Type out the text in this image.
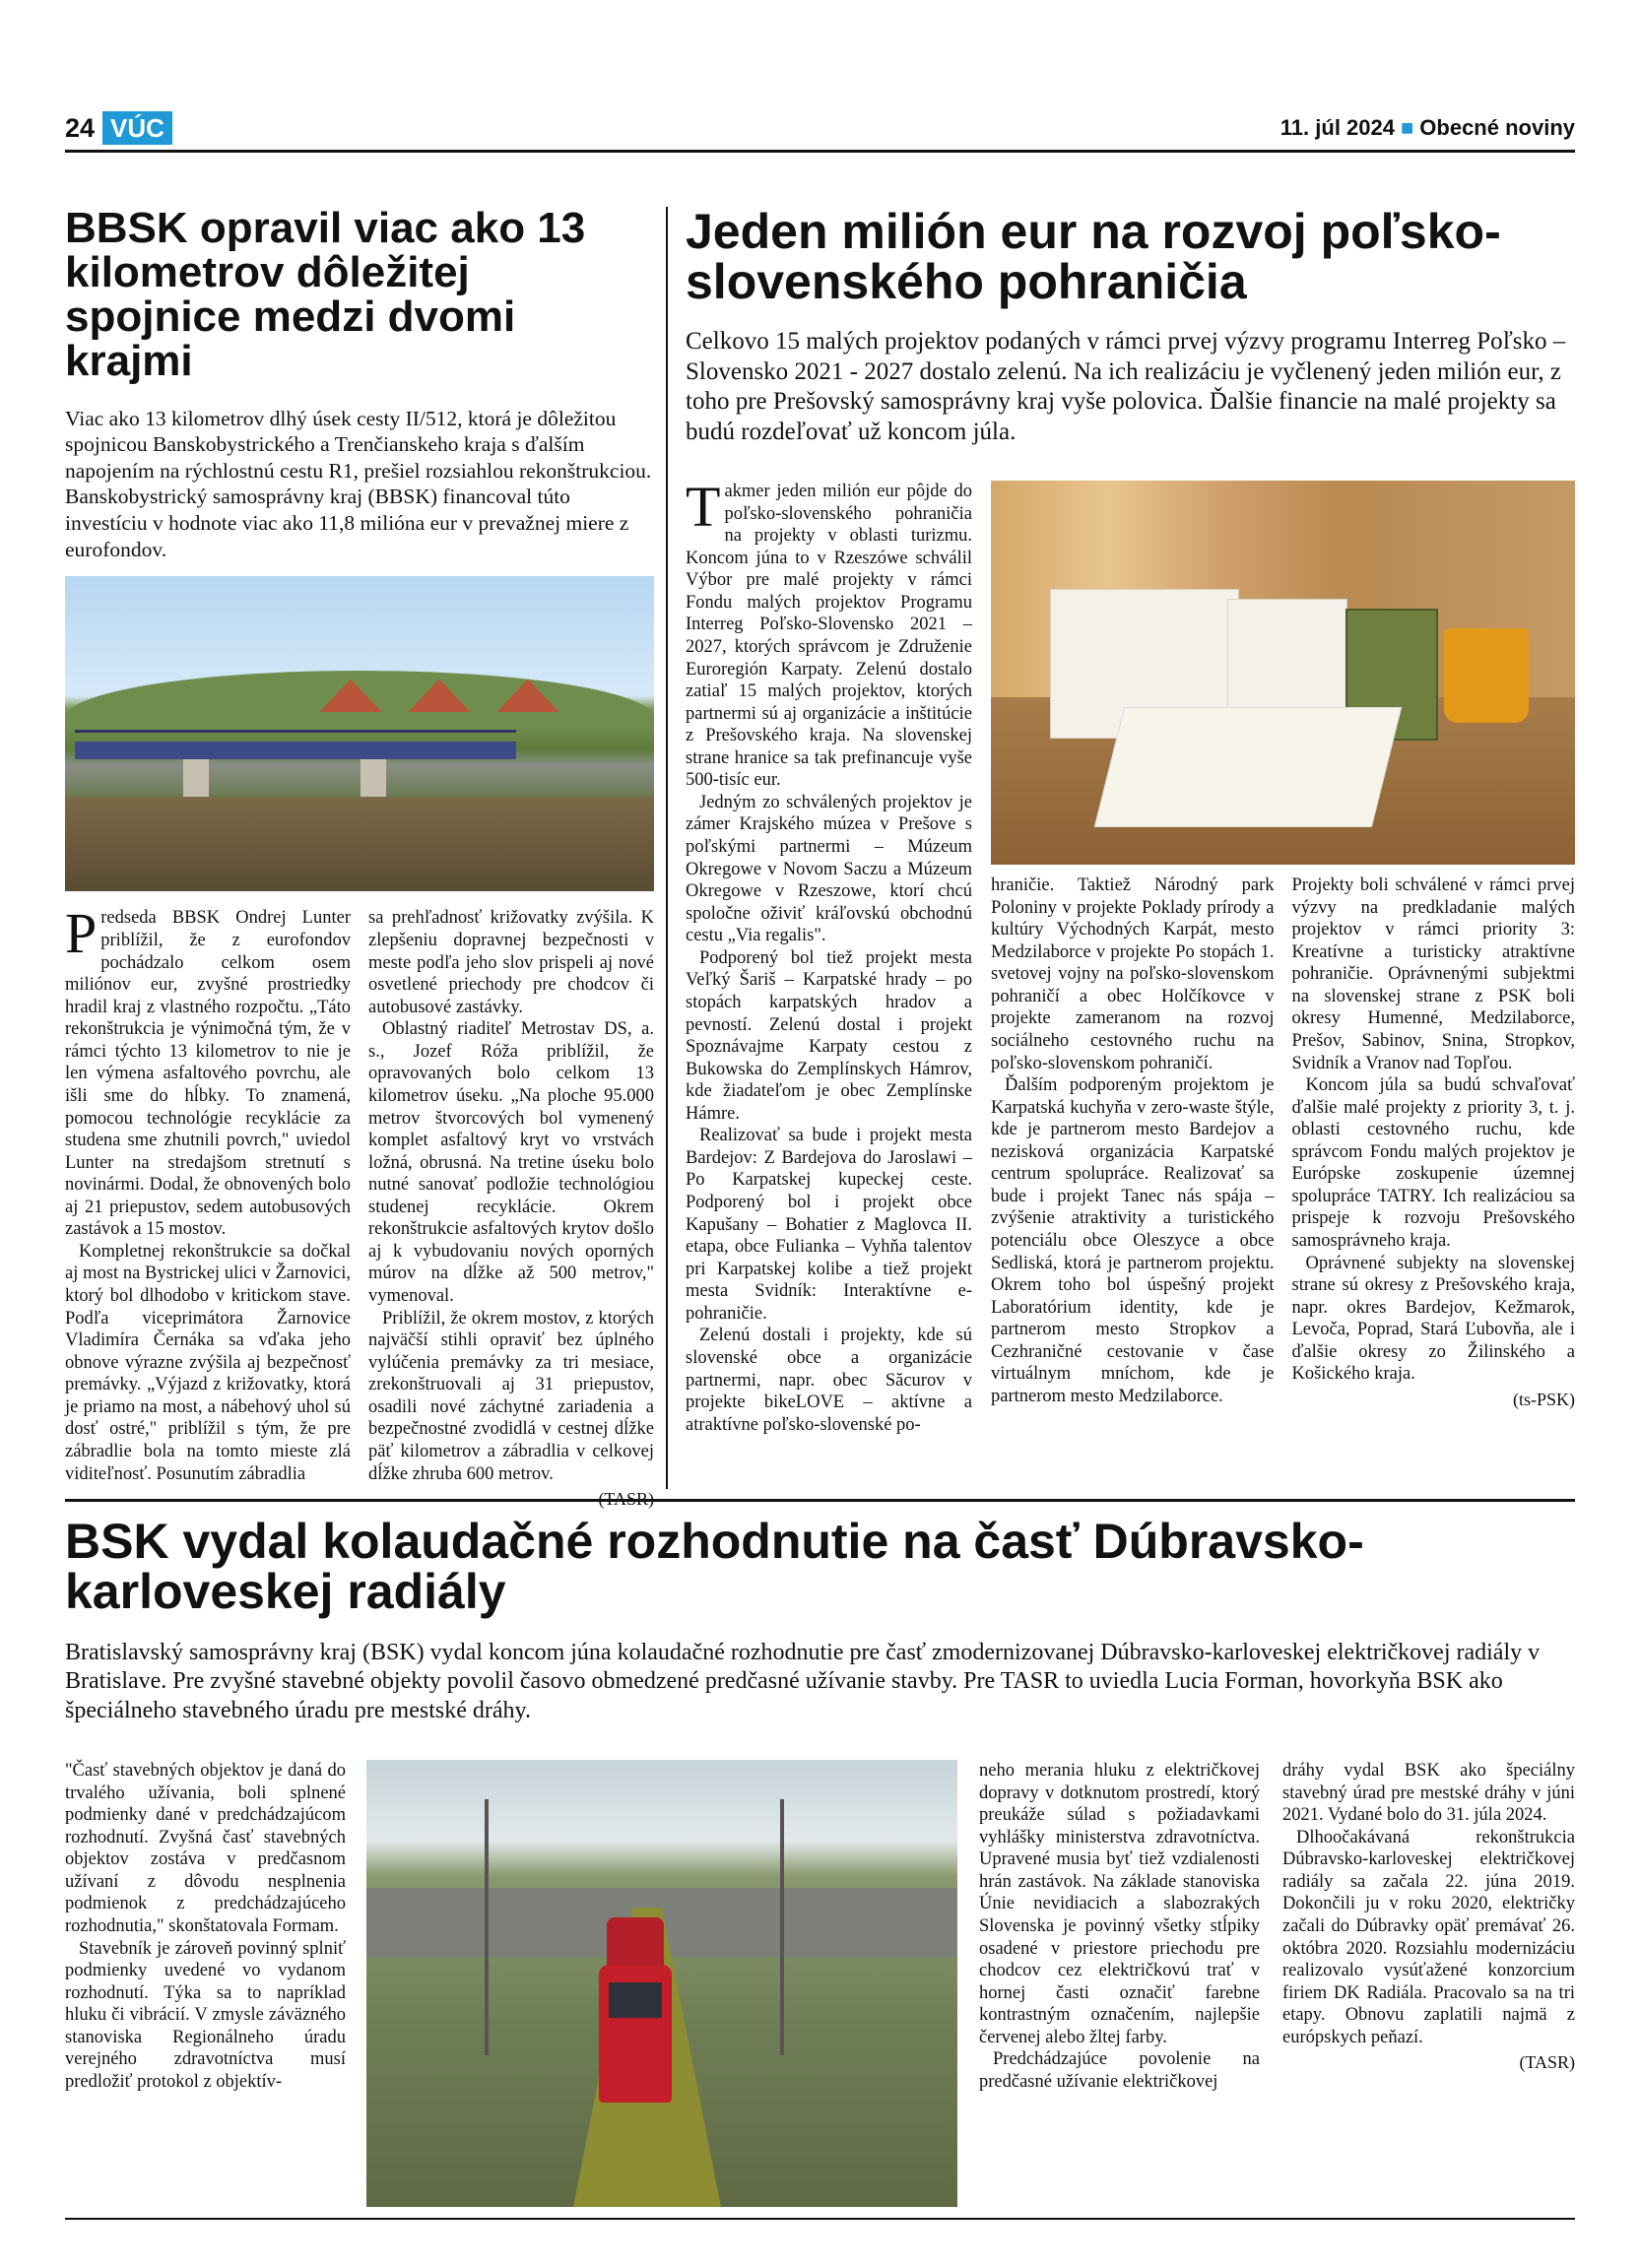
24 VÚC	11. júl 2024 ■ Obecné noviny
BBSK opravil viac ako 13 kilometrov dôležitej spojnice medzi dvomi krajmi

Viac ako 13 kilometrov dlhý úsek cesty II/512, ktorá je dôležitou spojnicou Banskobystrického a Trenčianskeho kraja s ďalším napojením na rýchlostnú cestu R1, prešiel rozsiahlou rekonštrukciou. Banskobystrický samosprávny kraj (BBSK) financoval túto investíciu v hodnote viac ako 11,8 milióna eur v prevažnej miere z eurofondov.

Predseda BBSK Ondrej Lunter priblížil, že z eurofondov pochádzalo celkom osem miliónov eur, zvyšné prostriedky hradil kraj z vlastného rozpočtu. „Táto rekonštrukcia je výnimočná tým, že v rámci týchto 13 kilometrov to nie je len výmena asfaltového povrchu, ale išli sme do hĺbky. To znamená, pomocou technológie recyklácie za studena sme zhutnili povrch," uviedol Lunter na stredajšom stretnutí s novinármi. Dodal, že obnovených bolo aj 21 priepustov, sedem autobusových zastávok a 15 mostov.

Kompletnej rekonštrukcie sa dočkal aj most na Bystrickej ulici v Žarnovici, ktorý bol dlhodobo v kritickom stave. Podľa viceprimátora Žarnovice Vladimíra Černáka sa vďaka jeho obnove výrazne zvýšila aj bezpečnosť premávky. „Výjazd z križovatky, ktorá je priamo na most, a nábehový uhol sú dosť ostré," priblížil s tým, že pre zábradlie bola na tomto mieste zlá viditeľnosť. Posunutím zábradlia

sa prehľadnosť križovatky zvýšila. K zlepšeniu dopravnej bezpečnosti v meste podľa jeho slov prispeli aj nové osvetlené priechody pre chodcov či autobusové zastávky.

Oblastný riaditeľ Metrostav DS, a. s., Jozef Róža priblížil, že opravovaných bolo celkom 13 kilometrov úseku. „Na ploche 95.000 metrov štvorcových bol vymenený komplet asfaltový kryt vo vrstvách ložná, obrusná. Na tretine úseku bolo nutné sanovať podložie technológiou studenej recyklácie. Okrem rekonštrukcie asfaltových krytov došlo aj k vybudovaniu nových oporných múrov na dĺžke až 500 metrov," vymenoval.

Priblížil, že okrem mostov, z ktorých najväčší stihli opraviť bez úplného vylúčenia premávky za tri mesiace, zrekonštruovali aj 31 priepustov, osadili nové záchytné zariadenia a bezpečnostné zvodidlá v cestnej dĺžke päť kilometrov a zábradlia v celkovej dĺžke zhruba 600 metrov.

Jeden milión eur na rozvoj poľsko-slovenského pohraničia

Celkovo 15 malých projektov podaných v rámci prvej výzvy programu Interreg Poľsko – Slovensko 2021 - 2027 dostalo zelenú. Na ich realizáciu je vyčlenený jeden milión eur, z toho pre Prešovský samosprávny kraj vyše polovica. Ďalšie financie na malé projekty sa budú rozdeľovať už koncom júla.

Takmer jeden milión eur pôjde do poľsko-slovenského pohraničia na projekty v oblasti turizmu. Koncom júna to v Rzeszówe schválil Výbor pre malé projekty v rámci Fondu malých projektov Programu Interreg Poľsko-Slovensko 2021 – 2027, ktorých správcom je Združenie Euroregión Karpaty. Zelenú dostalo zatiaľ 15 malých projektov, ktorých partnermi sú aj organizácie a inštitúcie z Prešovského kraja. Na slovenskej strane hranice sa tak prefinancuje vyše 500-tisíc eur.

Jedným zo schválených projektov je zámer Krajského múzea v Prešove s poľskými partnermi – Múzeum Okregowe v Novom Saczu a Múzeum Okregowe v Rzeszowe, ktorí chcú spoločne oživiť kráľovskú obchodnú cestu „Via regalis".

Podporený bol tiež projekt mesta Veľký Šariš – Karpatské hrady – po stopách karpatských hradov a pevností. Zelenú dostal i projekt Spoznávajme Karpaty cestou z Bukowska do Zemplínskych Hámrov, kde žiadateľom je obec Zemplínske Hámre.

Realizovať sa bude i projekt mesta Bardejov: Z Bardejova do Jaroslawi – Po Karpatskej kupeckej ceste. Podporený bol i projekt obce Kapušany – Bohatier z Maglovca II. etapa, obce Fulianka – Vyhňa talentov pri Karpatskej kolibe a tiež projekt mesta Svidník: Interaktívne e-pohraničie.

Zelenú dostali i projekty, kde sú slovenské obce a organizácie partnermi, napr. obec Săcurov v projekte bikeLOVE – aktívne a atraktívne poľsko-slovenské po-

hraničie. Taktiež Národný park Poloniny v projekte Poklady prírody a kultúry Východných Karpát, mesto Medzilaborce v projekte Po stopách 1. svetovej vojny na poľsko-slovenskom pohraničí a obec Holčíkovce v projekte zameranom na rozvoj sociálneho cestovného ruchu na poľsko-slovenskom pohraničí.

Ďalším podporeným projektom je Karpatská kuchyňa v zero-waste štýle, kde je partnerom mesto Bardejov a nezisková organizácia Karpatské centrum spolupráce. Realizovať sa bude i projekt Tanec nás spája – zvýšenie atraktivity a turistického potenciálu obce Oleszyce a obce Sedliská, ktorá je partnerom projektu. Okrem toho bol úspešný projekt Laboratórium identity, kde je partnerom mesto Stropkov a Cezhraničné cestovanie v čase virtuálnym mníchom, kde je partnerom mesto Medzilaborce.

Projekty boli schválené v rámci prvej výzvy na predkladanie malých projektov v rámci priority 3: Kreatívne a turisticky atraktívne pohraničie. Oprávnenými subjektmi na slovenskej strane z PSK boli okresy Humenné, Medzilaborce, Prešov, Sabinov, Snina, Stropkov, Svidník a Vranov nad Topľou.

Koncom júla sa budú schvaľovať ďalšie malé projekty z priority 3, t. j. oblasti cestovného ruchu, kde správcom Fondu malých projektov je Európske zoskupenie územnej spolupráce TATRY. Ich realizáciou sa prispeje k rozvoju Prešovského samosprávneho kraja.

Oprávnené subjekty na slovenskej strane sú okresy z Prešovského kraja, napr. okres Bardejov, Kežmarok, Levoča, Poprad, Stará Ľubovňa, ale i ďalšie okresy zo Žilinského a Košického kraja.

(ts-PSK)
BSK vydal kolaudačné rozhodnutie na časť Dúbravsko-karloveskej radiály

Bratislavský samosprávny kraj (BSK) vydal koncom júna kolaudačné rozhodnutie pre časť zmodernizovanej Dúbravsko-karloveskej električkovej radiály v Bratislave. Pre zvyšné stavebné objekty povolil časovo obmedzené predčasné užívanie stavby. Pre TASR to uviedla Lucia Forman, hovorkyňa BSK ako špeciálneho stavebného úradu pre mestské dráhy.

"Časť stavebných objektov je daná do trvalého užívania, boli splnené podmienky dané v predchádzajúcom rozhodnutí. Zvyšná časť stavebných objektov zostáva v predčasnom užívaní z dôvodu nesplnenia podmienok z predchádzajúceho rozhodnutia," skonštatovala Formam.

Stavebník je zároveň povinný splniť podmienky uvedené vo vydanom rozhodnutí. Týka sa to napríklad hluku či vibrácií. V zmysle záväzného stanoviska Regionálneho úradu verejného zdravotníctva musí predložiť protokol z objektív-

neho merania hluku z električkovej dopravy v dotknutom prostredí, ktorý preukáže súlad s požiadavkami vyhlášky ministerstva zdravotníctva. Upravené musia byť tiež vzdialenosti hrán zastávok. Na základe stanoviska Únie nevidiacich a slabozrakých Slovenska je povinný všetky stĺpiky osadené v priestore priechodu pre chodcov cez električkovú trať v hornej časti označiť farebne kontrastným označením, najlepšie červenej alebo žltej farby.

Predchádzajúce povolenie na predčasné užívanie električkovej

dráhy vydal BSK ako špeciálny stavebný úrad pre mestské dráhy v júni 2021. Vydané bolo do 31. júla 2024.

Dlhoočakávaná rekonštrukcia Dúbravsko-karloveskej električkovej radiály sa začala 22. júna 2019. Dokončili ju v roku 2020, električky začali do Dúbravky opäť premávať 26. októbra 2020. Rozsiahlu modernizáciu realizovalo vysúťažené konzorcium firiem DK Radiála. Pracovalo sa na tri etapy. Obnovu zaplatili najmä z európskych peňazí.

(TASR)
